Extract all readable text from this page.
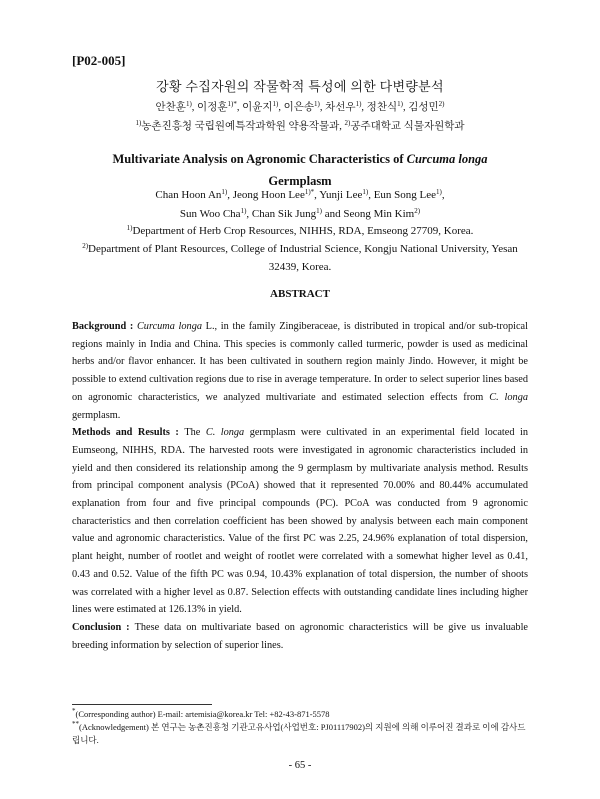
[P02-005]
강황 수집자원의 작물학적 특성에 의한 다변량분석
안찬훈$^{1)}$, 이정훈$^{1)*}$, 이윤지$^{1)}$, 이은송$^{1)}$, 차선우$^{1)}$, 정찬식$^{1)}$, 김성민$^{2)}$
$^{1)}$농촌진흥청 국립원예특작과학원 약용작물과, $^{2)}$공주대학교 식물자원학과
Multivariate Analysis on Agronomic Characteristics of Curcuma longa
Germplasm
Chan Hoon An$^{1)}$, Jeong Hoon Lee$^{1)*}$, Yunji Lee$^{1)}$, Eun Song Lee$^{1)}$,
Sun Woo Cha$^{1)}$, Chan Sik Jung$^{1)}$ and Seong Min Kim$^{2)}$
$^{1)}$Department of Herb Crop Resources, NIHHS, RDA, Emseong 27709, Korea.
$^{2)}$Department of Plant Resources, College of Industrial Science, Kongju National University, Yesan 32439, Korea.
ABSTRACT

Background : Curcuma longa L., in the family Zingiberaceae, is distributed in tropical and/or sub-tropical regions mainly in India and China. This species is commonly called turmeric, powder is used as medicinal herbs and/or flavor enhancer. It has been cultivated in southern region mainly Jindo. However, it might be possible to extend cultivation regions due to rise in average temperature. In order to select superior lines based on agronomic characteristics, we analyzed multivariate and estimated selection effects from C. longa germplasm.

Methods and Results : The C. longa germplasm were cultivated in an experimental field located in Eumseong, NIHHS, RDA. The harvested roots were investigated in agronomic characteristics included in yield and then considered its relationship among the 9 germplasm by multivariate analysis method. Results from principal component analysis (PCoA) showed that it represented 70.00% and 80.44% accumulated explanation from four and five principal compounds (PC). PCoA was conducted from 9 agronomic characteristics and then correlation coefficient has been showed by analysis between each main component value and agronomic characteristics. Value of the first PC was 2.25, 24.96% explanation of total dispersion, plant height, number of rootlet and weight of rootlet were correlated with a somewhat higher level as 0.41, 0.43 and 0.52. Value of the fifth PC was 0.94, 10.43% explanation of total dispersion, the number of shoots was correlated with a higher level as 0.87. Selection effects with outstanding candidate lines including higher lines were estimated at 126.13% in yield.

Conclusion : These data on multivariate based on agronomic characteristics will be give us invaluable breeding information by selection of superior lines.

*(Corresponding author) E-mail: artemisia@korea.kr Tel: +82-43-871-5578

**(Acknowledgement) 본 연구는 농촌진흥청 기관고유사업(사업번호: PJ01117902)의 지원에 의해 이루어진 결과로 이에 감사드립니다.

- 65 -
